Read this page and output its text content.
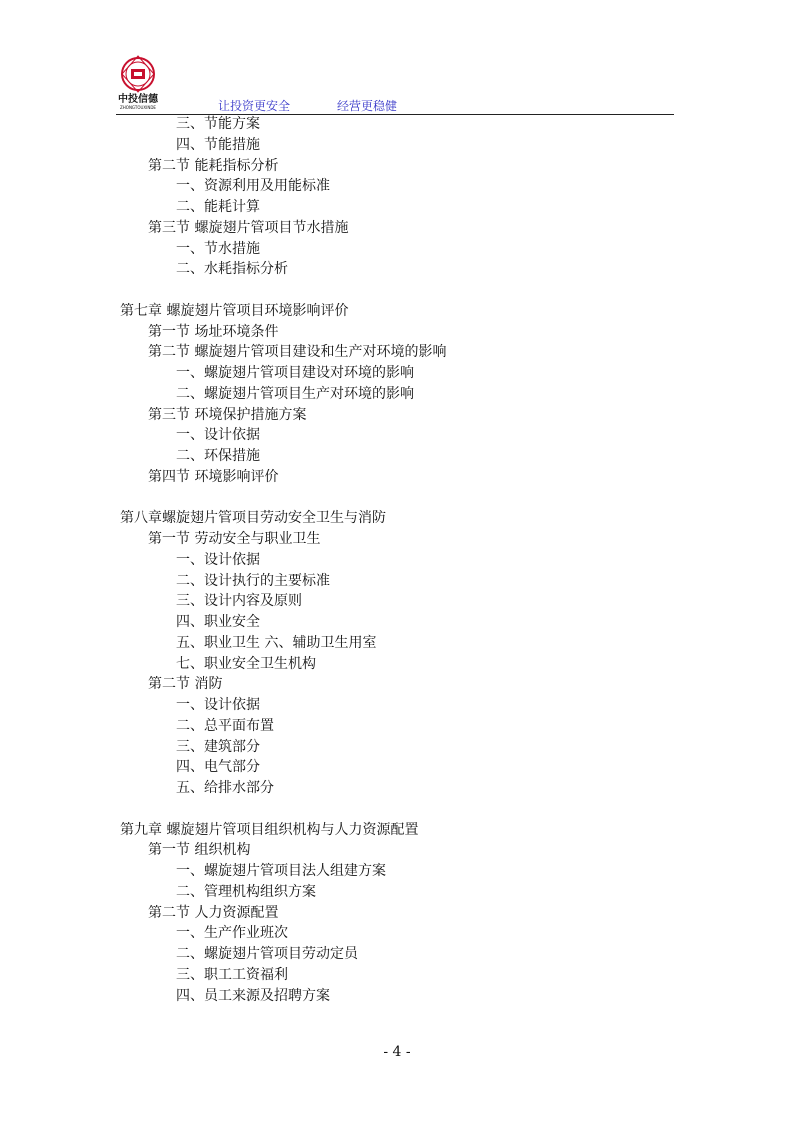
中投信德
ZHONGTOUXINDE	让投资更安全	经营更稳健
三、节能方案
四、节能措施
第二节 能耗指标分析
一、资源利用及用能标准
二、能耗计算
第三节 螺旋翅片管项目节水措施
一、节水措施
二、水耗指标分析
第七章 螺旋翅片管项目环境影响评价
第一节 场址环境条件
第二节 螺旋翅片管项目建设和生产对环境的影响
一、螺旋翅片管项目建设对环境的影响
二、螺旋翅片管项目生产对环境的影响
第三节 环境保护措施方案
一、设计依据
二、环保措施
第四节 环境影响评价
第八章螺旋翅片管项目劳动安全卫生与消防
第一节 劳动安全与职业卫生
一、设计依据
二、设计执行的主要标准
三、设计内容及原则
四、职业安全
五、职业卫生 六、辅助卫生用室
七、职业安全卫生机构
第二节 消防
一、设计依据
二、总平面布置
三、建筑部分
四、电气部分
五、给排水部分
第九章 螺旋翅片管项目组织机构与人力资源配置
第一节 组织机构
一、螺旋翅片管项目法人组建方案
二、管理机构组织方案
第二节 人力资源配置
一、生产作业班次
二、螺旋翅片管项目劳动定员
三、职工工资福利
四、员工来源及招聘方案
- 4 -
